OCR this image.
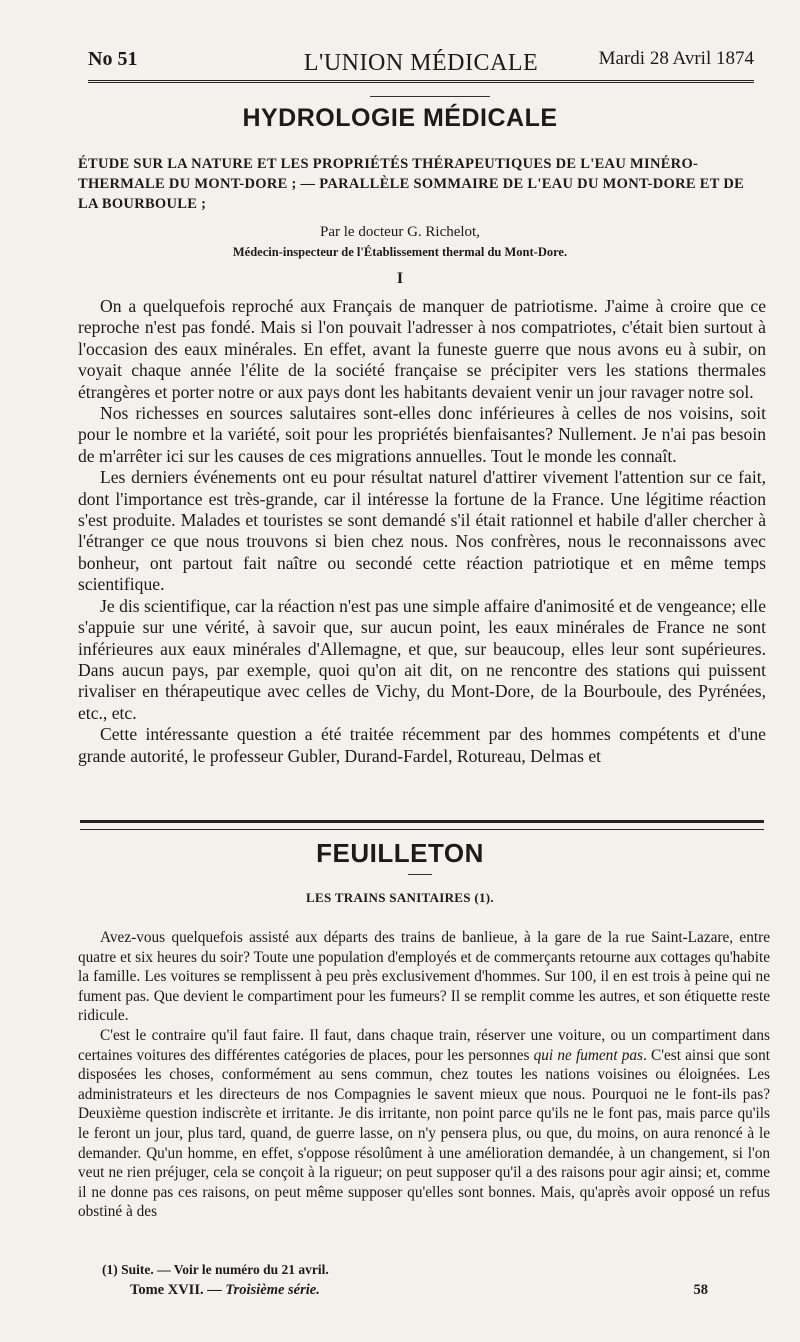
No 51	L'UNION MÉDICALE	Mardi 28 Avril 1874
HYDROLOGIE MÉDICALE
ÉTUDE SUR LA NATURE ET LES PROPRIÉTÉS THÉRAPEUTIQUES DE L'EAU MINÉRO-THERMALE DU MONT-DORE ; — PARALLÈLE SOMMAIRE DE L'EAU DU MONT-DORE ET DE LA BOURBOULE ;
Par le docteur G. Richelot,
Médecin-inspecteur de l'Établissement thermal du Mont-Dore.
I

On a quelquefois reproché aux Français de manquer de patriotisme. J'aime à croire que ce reproche n'est pas fondé. Mais si l'on pouvait l'adresser à nos compatriotes, c'était bien surtout à l'occasion des eaux minérales. En effet, avant la funeste guerre que nous avons eu à subir, on voyait chaque année l'élite de la société française se précipiter vers les stations thermales étrangères et porter notre or aux pays dont les habitants devaient venir un jour ravager notre sol.

Nos richesses en sources salutaires sont-elles donc inférieures à celles de nos voisins, soit pour le nombre et la variété, soit pour les propriétés bienfaisantes? Nullement. Je n'ai pas besoin de m'arrêter ici sur les causes de ces migrations annuelles. Tout le monde les connaît.

Les derniers événements ont eu pour résultat naturel d'attirer vivement l'attention sur ce fait, dont l'importance est très-grande, car il intéresse la fortune de la France. Une légitime réaction s'est produite. Malades et touristes se sont demandé s'il était rationnel et habile d'aller chercher à l'étranger ce que nous trouvons si bien chez nous. Nos confrères, nous le reconnaissons avec bonheur, ont partout fait naître ou secondé cette réaction patriotique et en même temps scientifique.

Je dis scientifique, car la réaction n'est pas une simple affaire d'animosité et de vengeance; elle s'appuie sur une vérité, à savoir que, sur aucun point, les eaux minérales de France ne sont inférieures aux eaux minérales d'Allemagne, et que, sur beaucoup, elles leur sont supérieures. Dans aucun pays, par exemple, quoi qu'on ait dit, on ne rencontre des stations qui puissent rivaliser en thérapeutique avec celles de Vichy, du Mont-Dore, de la Bourboule, des Pyrénées, etc., etc.

Cette intéressante question a été traitée récemment par des hommes compétents et d'une grande autorité, le professeur Gubler, Durand-Fardel, Rotureau, Delmas et

FEUILLETON
LES TRAINS SANITAIRES (1).

Avez-vous quelquefois assisté aux départs des trains de banlieue, à la gare de la rue Saint-Lazare, entre quatre et six heures du soir? Toute une population d'employés et de commerçants retourne aux cottages qu'habite la famille. Les voitures se remplissent à peu près exclusivement d'hommes. Sur 100, il en est trois à peine qui ne fument pas. Que devient le compartiment pour les fumeurs? Il se remplit comme les autres, et son étiquette reste ridicule.

C'est le contraire qu'il faut faire. Il faut, dans chaque train, réserver une voiture, ou un compartiment dans certaines voitures des différentes catégories de places, pour les personnes qui ne fument pas. C'est ainsi que sont disposées les choses, conformément au sens commun, chez toutes les nations voisines ou éloignées. Les administrateurs et les directeurs de nos Compagnies le savent mieux que nous. Pourquoi ne le font-ils pas? Deuxième question indiscrète et irritante. Je dis irritante, non point parce qu'ils ne le font pas, mais parce qu'ils le feront un jour, plus tard, quand, de guerre lasse, on n'y pensera plus, ou que, du moins, on aura renoncé à le demander. Qu'un homme, en effet, s'oppose résolûment à une amélioration demandée, à un changement, si l'on veut ne rien préjuger, cela se conçoit à la rigueur; on peut supposer qu'il a des raisons pour agir ainsi; et, comme il ne donne pas ces raisons, on peut même supposer qu'elles sont bonnes. Mais, qu'après avoir opposé un refus obstiné à des

(1) Suite. — Voir le numéro du 21 avril.
Tome XVII. — Troisième série.	58
